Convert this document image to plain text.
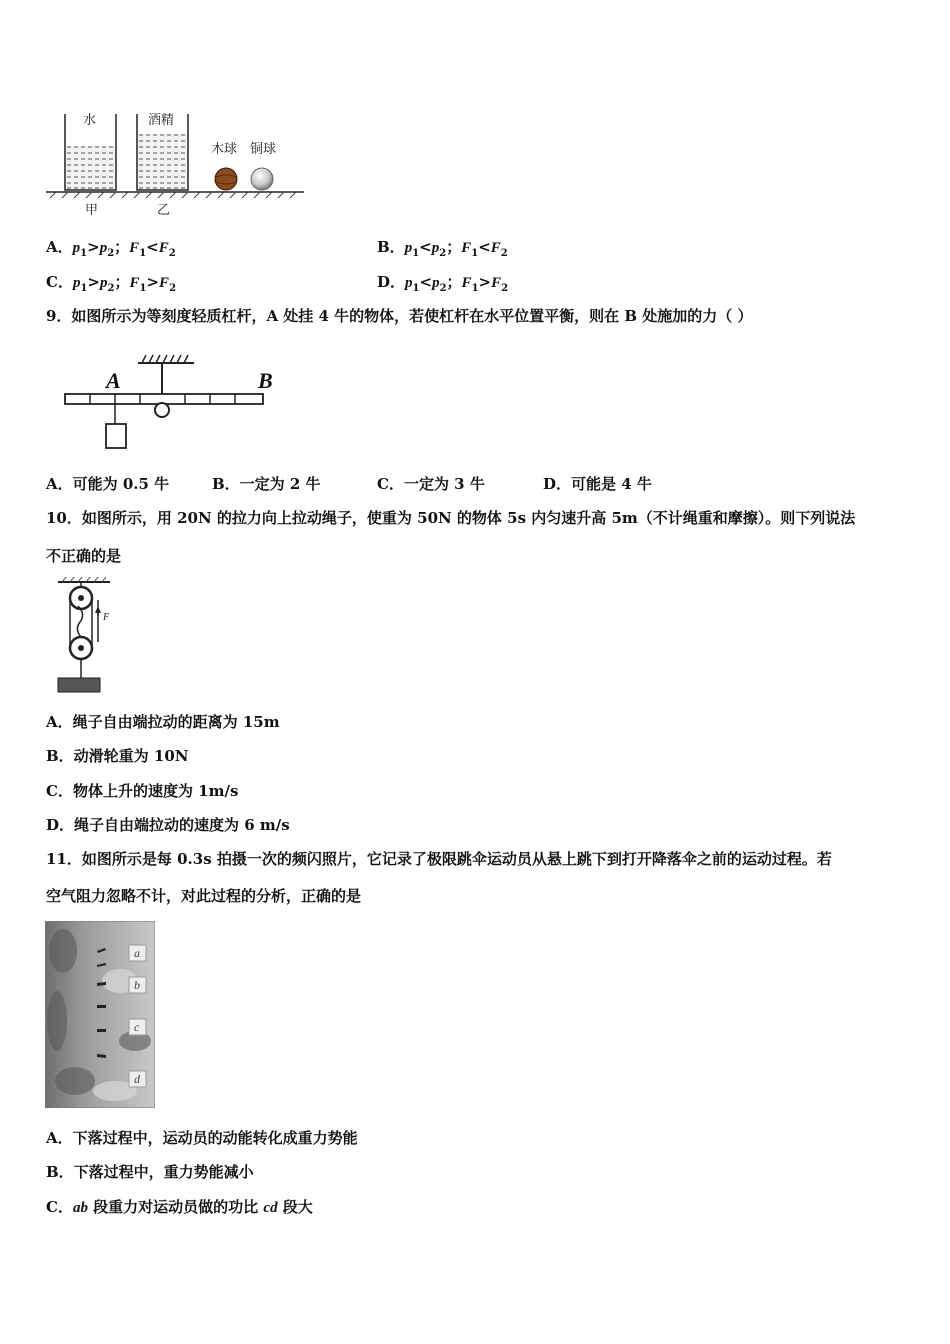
水	酒精
木球 铜球
甲	乙
A．$p_1>p_2$；$F_1<F_2$	B．$p_1<p_2$；$F_1<F_2$
C．$p_1>p_2$；$F_1>F_2$	D．$p_1<p_2$；$F_1>F_2$
9．如图所示为等刻度轻质杠杆，A 处挂 4 牛的物体，若使杠杆在水平位置平衡，则在 B 处施加的力（ ）
A	B
A．可能为 0.5 牛	B．一定为 2 牛	C．一定为 3 牛	D．可能是 4 牛
10．如图所示，用 20N 的拉力向上拉动绳子，使重为 50N 的物体 5s 内匀速升高 5m（不计绳重和摩擦）。则下列说法
不正确的是
F
A．绳子自由端拉动的距离为 15m
B．动滑轮重为 10N
C．物体上升的速度为 1m/s
D．绳子自由端拉动的速度为 6 m/s
11．如图所示是每 0.3s 拍摄一次的频闪照片，它记录了极限跳伞运动员从悬上跳下到打开降落伞之前的运动过程。若
空气阻力忽略不计，对此过程的分析，正确的是
a
b
c
d
A．下落过程中，运动员的动能转化成重力势能
B．下落过程中，重力势能减小
C．ab 段重力对运动员做的功比 cd 段大
